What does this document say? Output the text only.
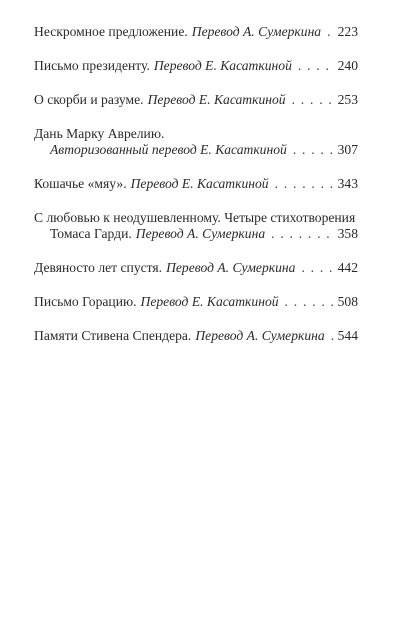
Нескромное предложение. Перевод А. Сумеркина . . . 223
Письмо президенту. Перевод Е. Касаткиной . . .	240
О скорби и разуме. Перевод Е. Касаткиной . . .	253
Дань Марку Аврелию.
Авторизованный перевод Е. Касаткиной . . .	307
Кошачье «мяу». Перевод Е. Касаткиной . . .	343
С любовью к неодушевленному. Четыре стихотворения
Томаса Гарди. Перевод А. Сумеркина . . .	358
Девяносто лет спустя. Перевод А. Сумеркина . . .	442
Письмо Горацию. Перевод Е. Касаткиной . . .	508
Памяти Стивена Спендера. Перевод А. Сумеркина . . . 544
